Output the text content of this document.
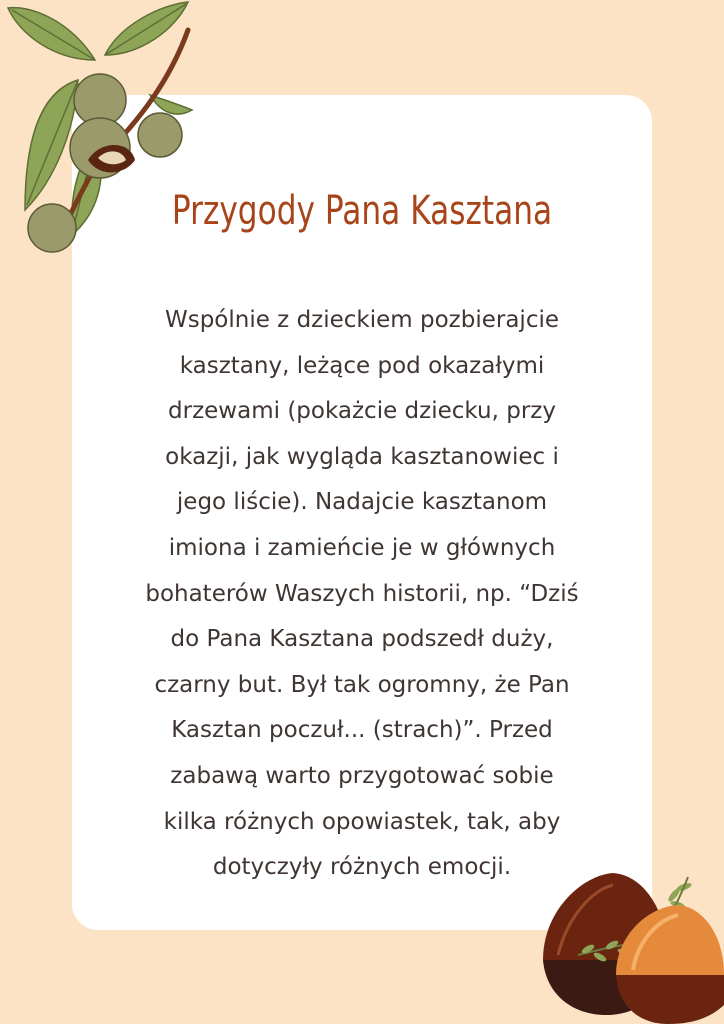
Przygody Pana Kasztana
Wspólnie z dzieckiem pozbierajcie
kasztany, leżące pod okazałymi
drzewami (pokażcie dziecku, przy
okazji, jak wygląda kasztanowiec i
jego liście). Nadajcie kasztanom
imiona i zamieńcie je w głównych
bohaterów Waszych historii, np. “Dziś
do Pana Kasztana podszedł duży,
czarny but. Był tak ogromny, że Pan
Kasztan poczuł... (strach)”. Przed
zabawą warto przygotować sobie
kilka różnych opowiastek, tak, aby
dotyczyły różnych emocji.
